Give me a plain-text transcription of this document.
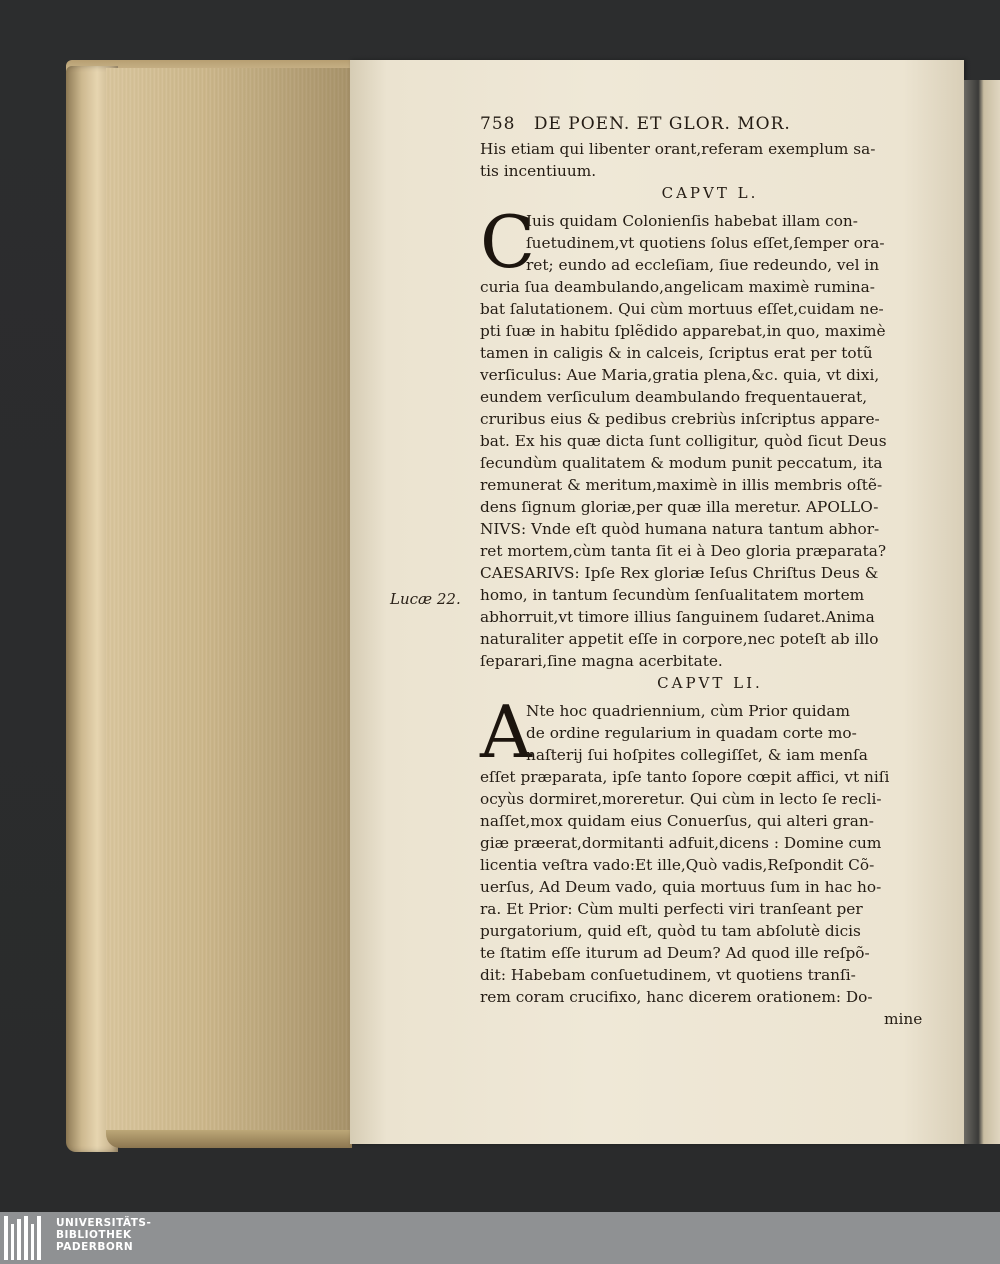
758 DE POEN. ET GLOR. MOR.
His etiam qui libenter orant,referam exemplum sa-
tis incentiuum.
CAPVT L.
C
Iuis quidam Colonienſis habebat illam con-
ſuetudinem,vt quotiens ſolus eſſet,ſemper ora-
ret; eundo ad eccleſiam, ſiue redeundo, vel in
curia ſua deambulando,angelicam maximè rumina-
bat ſalutationem. Qui cùm mortuus eſſet,cuidam ne-
pti ſuæ in habitu ſplẽdido apparebat,in quo, maximè
tamen in caligis & in calceis, ſcriptus erat per totũ
verſiculus: Aue Maria,gratia plena,&c. quia, vt dixi,
eundem verſiculum deambulando frequentauerat,
cruribus eius & pedibus crebriùs inſcriptus appare-
bat. Ex his quæ dicta ſunt colligitur, quòd ſicut Deus
ſecundùm qualitatem & modum punit peccatum, ita
remunerat & meritum,maximè in illis membris oſtẽ-
dens ſignum gloriæ,per quæ illa meretur. APOLLO-
NIVS: Vnde eſt quòd humana natura tantum abhor-
ret mortem,cùm tanta ſit ei à Deo gloria præparata?
CAESARIVS: Ipſe Rex gloriæ Ieſus Chriſtus Deus &
homo, in tantum ſecundùm ſenſualitatem mortem
abhorruit,vt timore illius ſanguinem ſudaret.Anima
naturaliter appetit eſſe in corpore,nec poteſt ab illo
ſeparari,ſine magna acerbitate.
CAPVT LI.
A
Nte hoc quadriennium, cùm Prior quidam
de ordine regularium in quadam corte mo-
naſterij ſui hoſpites collegiſſet, & iam menſa
eſſet præparata, ipſe tanto ſopore cœpit affici, vt niſi
ocyùs dormiret,moreretur. Qui cùm in lecto ſe recli-
naſſet,mox quidam eius Conuerſus, qui alteri gran-
giæ præerat,dormitanti adfuit,dicens : Domine cum
licentia veſtra vado:Et ille,Quò vadis,Reſpondit Cõ-
uerſus, Ad Deum vado, quia mortuus ſum in hac ho-
ra. Et Prior: Cùm multi perfecti viri tranſeant per
purgatorium, quid eſt, quòd tu tam abſolutè dicis
te ſtatim eſſe iturum ad Deum? Ad quod ille reſpõ-
dit: Habebam conſuetudinem, vt quotiens tranſi-
rem coram crucifixo, hanc dicerem orationem: Do-
mine
Lucæ 22.
UNIVERSITÄTS-
BIBLIOTHEK
PADERBORN
